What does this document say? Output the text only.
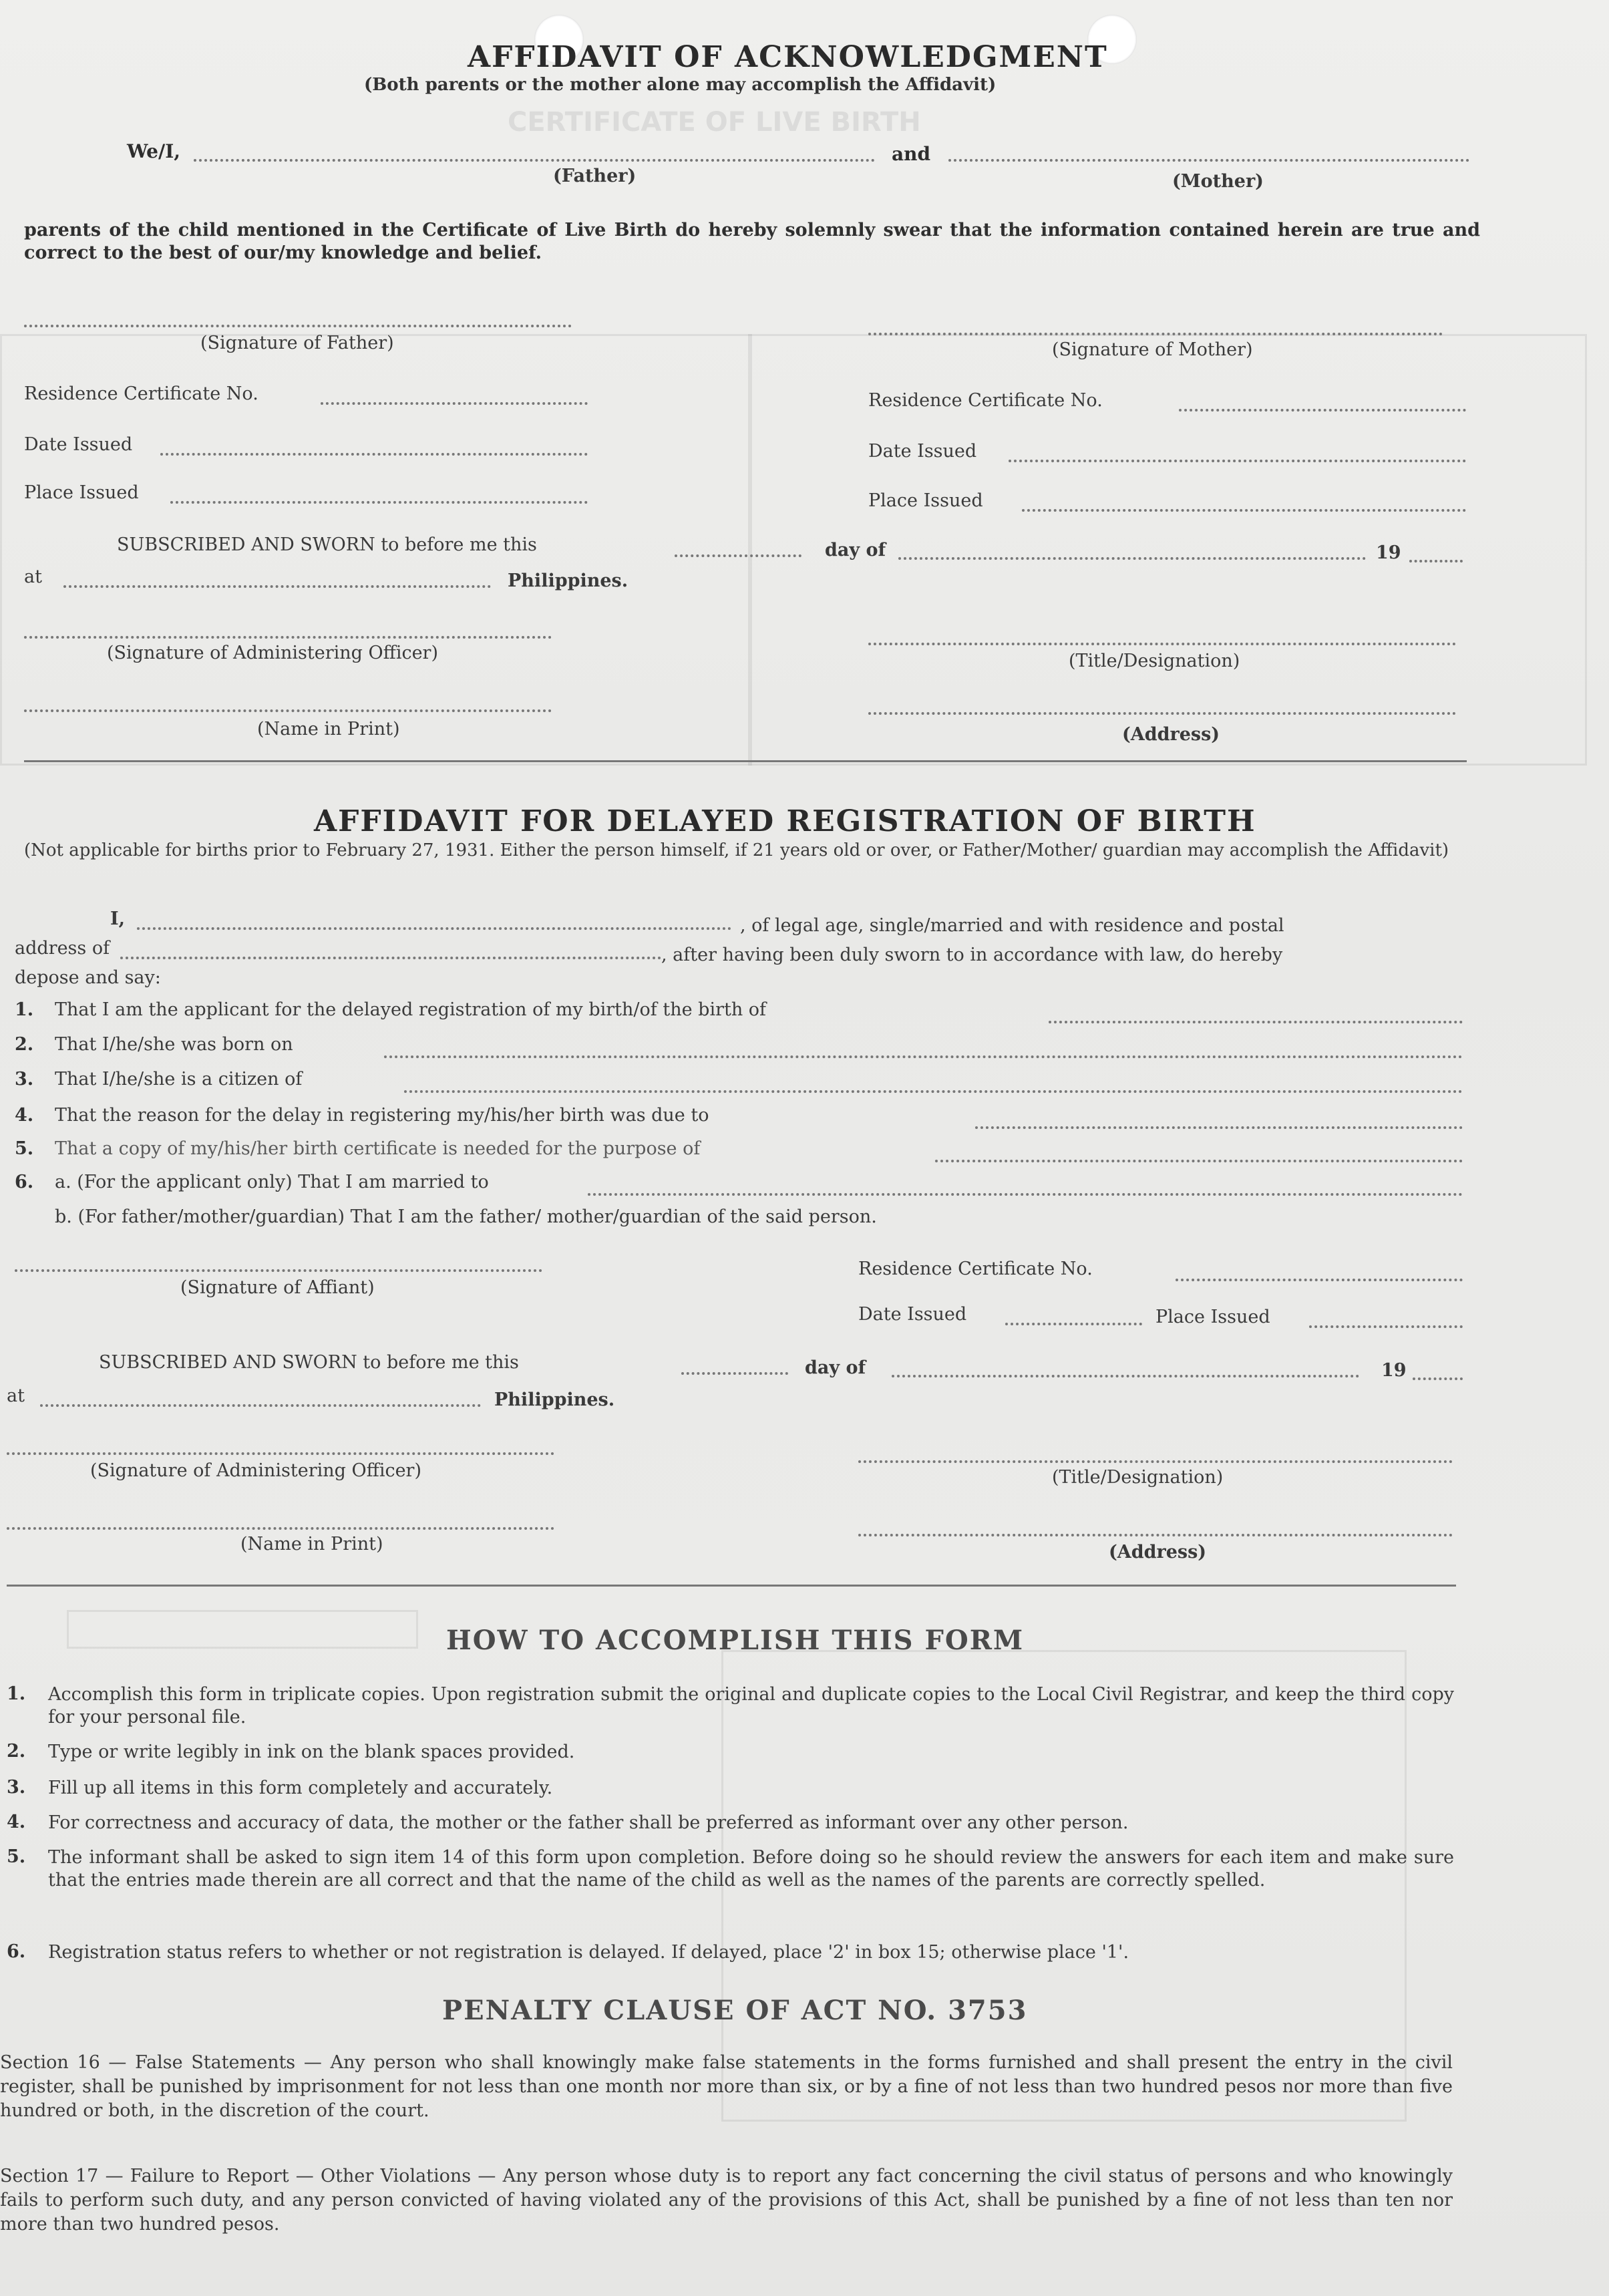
CERTIFICATE OF LIVE BIRTH
AFFIDAVIT OF ACKNOWLEDGMENT
(Both parents or the mother alone may accomplish the Affidavit)
We/I,	and
(Father)	(Mother)
parents of the child mentioned in the Certificate of Live Birth do hereby solemnly swear that the information contained herein are true and correct to the best of our/my knowledge and belief.
(Signature of Father)	(Signature of Mother)
Residence Certificate No.	Residence Certificate No.
Date Issued	Date Issued
Place Issued	Place Issued
SUBSCRIBED AND SWORN to before me this	day of	19
at	Philippines.
(Signature of Administering Officer)	(Title/Designation)
(Name in Print)	(Address)
AFFIDAVIT FOR DELAYED REGISTRATION OF BIRTH
(Not applicable for births prior to February 27, 1931. Either the person himself, if 21 years old or over, or Father/Mother/ guardian may accomplish the Affidavit)
I,	, of legal age, single/married and with residence and postal
address of	, after having been duly sworn to in accordance with law, do hereby
depose and say:
1. That I am the applicant for the delayed registration of my birth/of the birth of
2. That I/he/she was born on
3. That I/he/she is a citizen of
4. That the reason for the delay in registering my/his/her birth was due to
5. That a copy of my/his/her birth certificate is needed for the purpose of
6. a. (For the applicant only) That I am married to
b. (For father/mother/guardian) That I am the father/ mother/guardian of the said person.
(Signature of Affiant)
Residence Certificate No.
Date Issued	Place Issued
SUBSCRIBED AND SWORN to before me this	day of	19
at	Philippines.
(Signature of Administering Officer)	(Title/Designation)
(Name in Print)	(Address)
HOW TO ACCOMPLISH THIS FORM
1. Accomplish this form in triplicate copies. Upon registration submit the original and duplicate copies to the Local Civil Registrar, and keep the third copy for your personal file.
2. Type or write legibly in ink on the blank spaces provided.
3. Fill up all items in this form completely and accurately.
4. For correctness and accuracy of data, the mother or the father shall be preferred as informant over any other person.
5. The informant shall be asked to sign item 14 of this form upon completion. Before doing so he should review the answers for each item and make sure that the entries made therein are all correct and that the name of the child as well as the names of the parents are correctly spelled.
6. Registration status refers to whether or not registration is delayed. If delayed, place '2' in box 15; otherwise place '1'.
PENALTY CLAUSE OF ACT NO. 3753
Section 16 — False Statements — Any person who shall knowingly make false statements in the forms furnished and shall present the entry in the civil register, shall be punished by imprisonment for not less than one month nor more than six, or by a fine of not less than two hundred pesos nor more than five hundred or both, in the discretion of the court.
Section 17 — Failure to Report — Other Violations — Any person whose duty is to report any fact concerning the civil status of persons and who knowingly fails to perform such duty, and any person convicted of having violated any of the provisions of this Act, shall be punished by a fine of not less than ten nor more than two hundred pesos.
